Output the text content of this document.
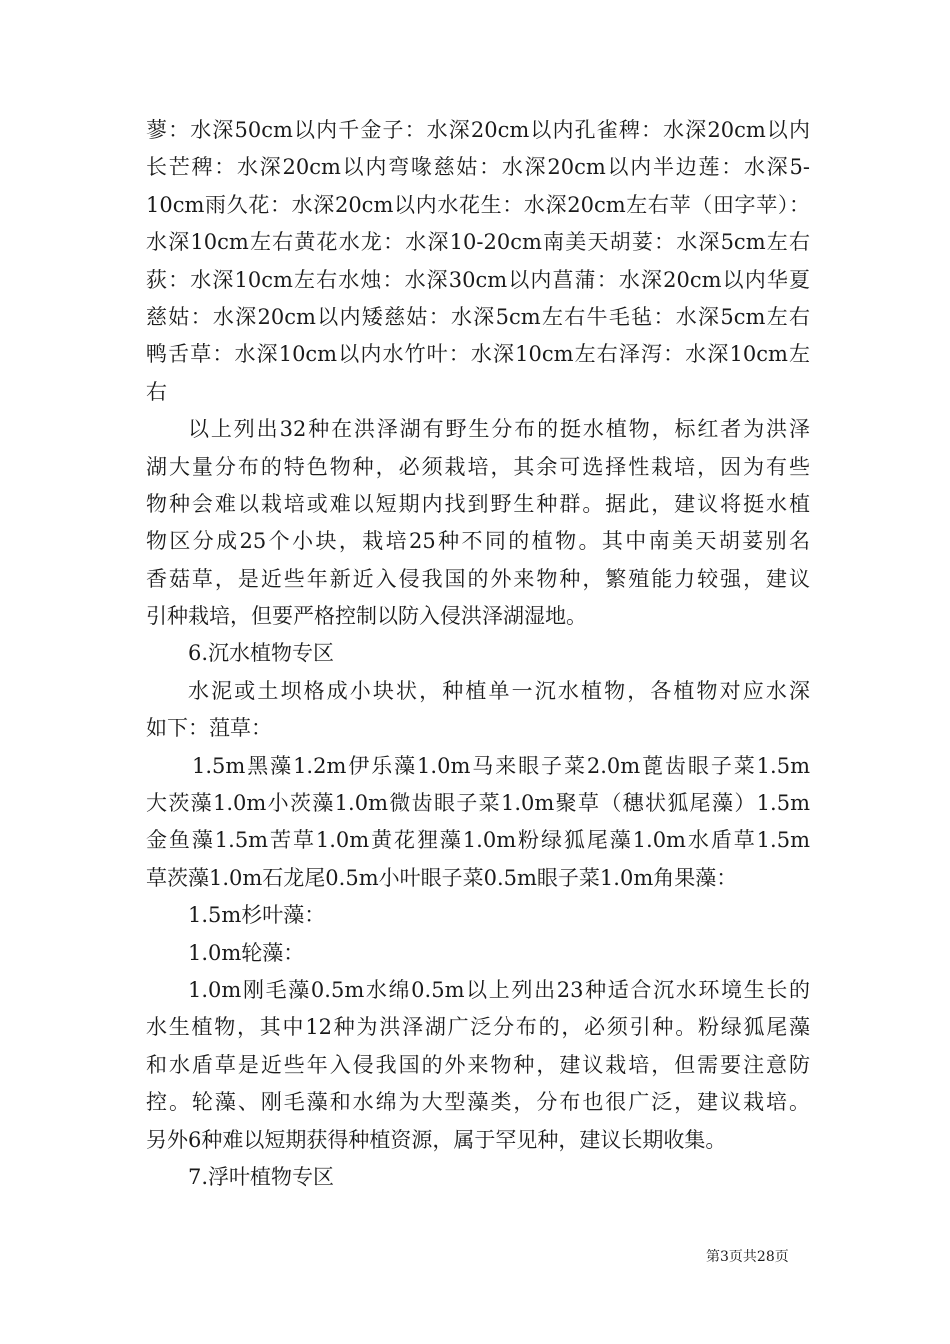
蓼：水深50cm以内千金子：水深20cm以内孔雀稗：水深20cm以内
长芒稗：水深20cm以内弯喙慈姑：水深20cm以内半边莲：水深5-
10cm雨久花：水深20cm以内水花生：水深20cm左右苹（田字苹）：
水深10cm左右黄花水龙：水深10-20cm南美天胡荽：水深5cm左右
荻：水深10cm左右水烛：水深30cm以内菖蒲：水深20cm以内华夏
慈姑：水深20cm以内矮慈姑：水深5cm左右牛毛毡：水深5cm左右
鸭舌草：水深10cm以内水竹叶：水深10cm左右泽泻：水深10cm左
右
以上列出32种在洪泽湖有野生分布的挺水植物，标红者为洪泽
湖大量分布的特色物种，必须栽培，其余可选择性栽培，因为有些
物种会难以栽培或难以短期内找到野生种群。据此，建议将挺水植
物区分成25个小块，栽培25种不同的植物。其中南美天胡荽别名
香菇草，是近些年新近入侵我国的外来物种，繁殖能力较强，建议
引种栽培，但要严格控制以防入侵洪泽湖湿地。
6.沉水植物专区
水泥或土坝格成小块状，种植单一沉水植物，各植物对应水深
如下：菹草：
1.5m黑藻1.2m伊乐藻1.0m马来眼子菜2.0m蓖齿眼子菜1.5m
大茨藻1.0m小茨藻1.0m微齿眼子菜1.0m聚草（穗状狐尾藻）1.5m
金鱼藻1.5m苦草1.0m黄花狸藻1.0m粉绿狐尾藻1.0m水盾草1.5m
草茨藻1.0m石龙尾0.5m小叶眼子菜0.5m眼子菜1.0m角果藻：
1.5m杉叶藻：
1.0m轮藻：
1.0m刚毛藻0.5m水绵0.5m以上列出23种适合沉水环境生长的
水生植物，其中12种为洪泽湖广泛分布的，必须引种。粉绿狐尾藻
和水盾草是近些年入侵我国的外来物种，建议栽培，但需要注意防
控。轮藻、刚毛藻和水绵为大型藻类，分布也很广泛，建议栽培。
另外6种难以短期获得种植资源，属于罕见种，建议长期收集。
7.浮叶植物专区
第3页共28页
